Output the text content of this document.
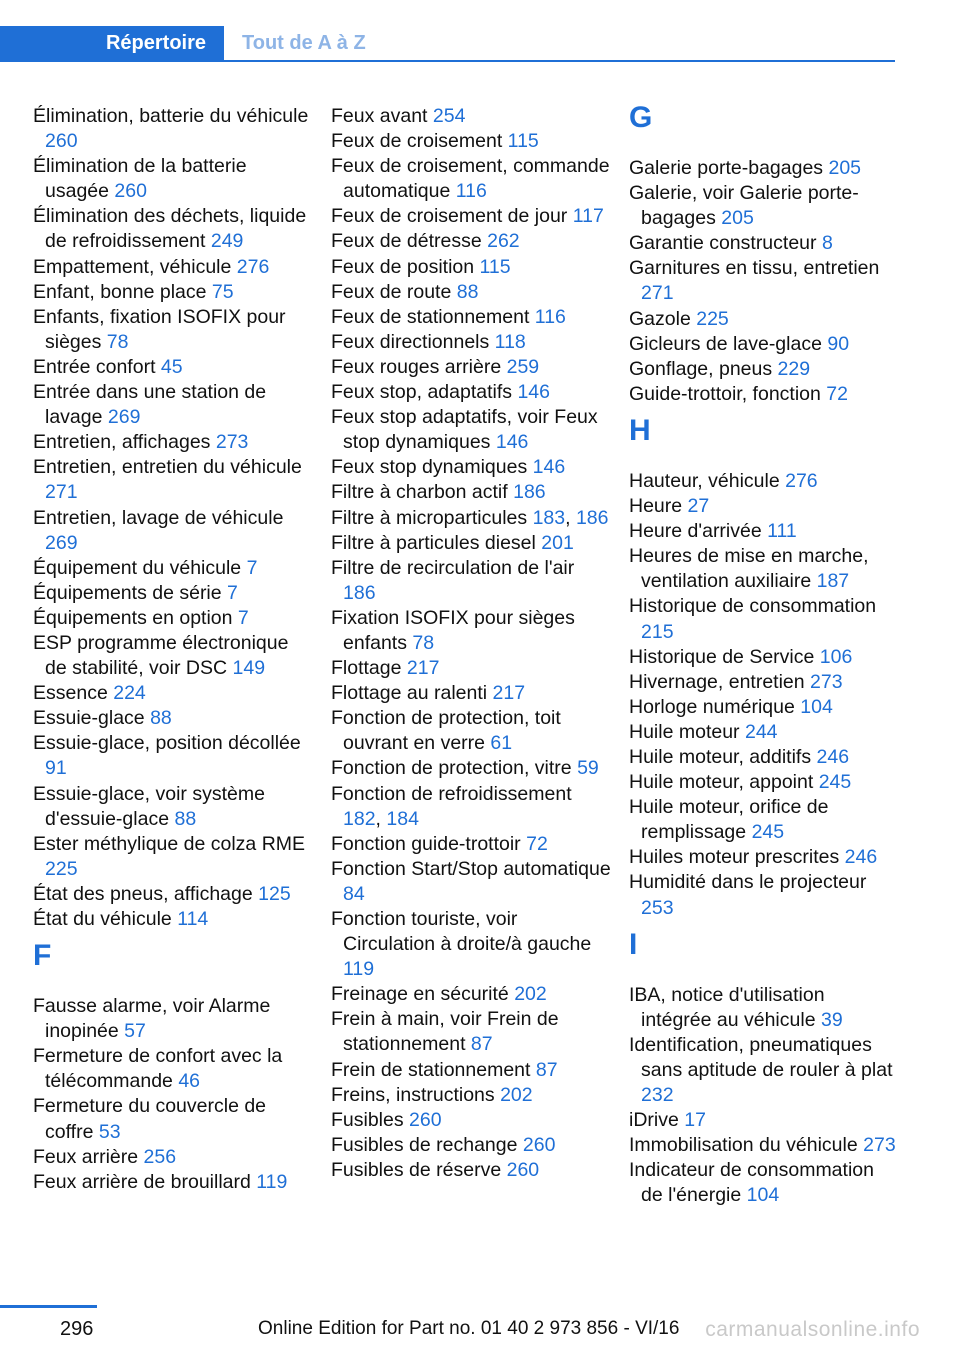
Répertoire	Tout de A à Z
Élimination, batterie du véhicule 260
Élimination de la batterie usagée 260
Élimination des déchets, liquide de refroidissement 249
Empattement, véhicule 276
Enfant, bonne place 75
Enfants, fixation ISOFIX pour sièges 78
Entrée confort 45
Entrée dans une station de lavage 269
Entretien, affichages 273
Entretien, entretien du véhicule 271
Entretien, lavage de véhicule 269
Équipement du véhicule 7
Équipements de série 7
Équipements en option 7
ESP programme électronique de stabilité, voir DSC 149
Essence 224
Essuie-glace 88
Essuie-glace, position décollée 91
Essuie-glace, voir système d'essuie-glace 88
Ester méthylique de colza RME 225
État des pneus, affichage 125
État du véhicule 114
F
Fausse alarme, voir Alarme inopinée 57
Fermeture de confort avec la télécommande 46
Fermeture du couvercle de coffre 53
Feux arrière 256
Feux arrière de brouillard 119
Feux avant 254
Feux de croisement 115
Feux de croisement, commande automatique 116
Feux de croisement de jour 117
Feux de détresse 262
Feux de position 115
Feux de route 88
Feux de stationnement 116
Feux directionnels 118
Feux rouges arrière 259
Feux stop, adaptatifs 146
Feux stop adaptatifs, voir Feux stop dynamiques 146
Feux stop dynamiques 146
Filtre à charbon actif 186
Filtre à microparticules 183, 186
Filtre à particules diesel 201
Filtre de recirculation de l'air 186
Fixation ISOFIX pour sièges enfants 78
Flottage 217
Flottage au ralenti 217
Fonction de protection, toit ouvrant en verre 61
Fonction de protection, vitre 59
Fonction de refroidissement 182, 184
Fonction guide-trottoir 72
Fonction Start/Stop automatique 84
Fonction touriste, voir Circulation à droite/à gauche 119
Freinage en sécurité 202
Frein à main, voir Frein de stationnement 87
Frein de stationnement 87
Freins, instructions 202
Fusibles 260
Fusibles de rechange 260
Fusibles de réserve 260
G
Galerie porte-bagages 205
Galerie, voir Galerie porte-bagages 205
Garantie constructeur 8
Garnitures en tissu, entretien 271
Gazole 225
Gicleurs de lave-glace 90
Gonflage, pneus 229
Guide-trottoir, fonction 72
H
Hauteur, véhicule 276
Heure 27
Heure d'arrivée 111
Heures de mise en marche, ventilation auxiliaire 187
Historique de consommation 215
Historique de Service 106
Hivernage, entretien 273
Horloge numérique 104
Huile moteur 244
Huile moteur, additifs 246
Huile moteur, appoint 245
Huile moteur, orifice de remplissage 245
Huiles moteur prescrites 246
Humidité dans le projecteur 253
I
IBA, notice d'utilisation intégrée au véhicule 39
Identification, pneumatiques sans aptitude de rouler à plat 232
iDrive 17
Immobilisation du véhicule 273
Indicateur de consommation de l'énergie 104
296	Online Edition for Part no. 01 40 2 973 856 - VI/16 carmanualsonline.info
